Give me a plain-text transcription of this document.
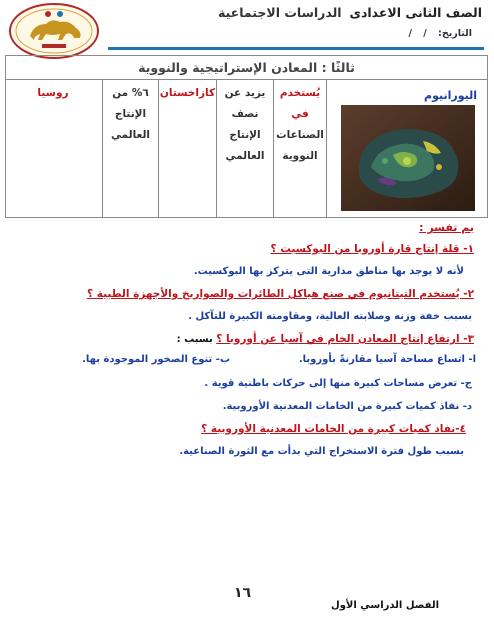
الصف الثانى الاعدادى
الدراسات الاجتماعية
التاريخ: / /
ثالثًا : المعادن الإستراتيجية والنووية
اليورانيوم
يُستخدم في
الصناعات
النووية
يزيد عن
نصف
الإنتاج
العالمي
كازاخستان
٦% من
الإنتاج
العالمي
روسيا
بم تفسر :
١- قلة إنتاج قارة أوروبا من البوكسيت ؟
لأنه لا يوجد بها مناطق مدارية التى يتركز بها البوكسيت.
٢- يُستخدم التيتانيوم في صنع هياكل الطائرات والصواريخ والأجهزة الطبية ؟
بسبب خفة وزنه وصلابته العالية، ومقاومته الكبيرة للتآكل .
٣- ارتفاع إنتاج المعادن الخام في آسيا عن أوروبا ؟ بسبب :
ا- اتساع مساحة آسيا مقارنةً بأوروبا.
ب- تنوع الصخور الموجودة بها.
ج- تعرض مساحات كبيرة منها إلى حركات باطنية قوية .
د- نفاذ كميات كبيرة من الخامات المعدنية الأوروبية.
٤-نفاد كميات كبيرة من الخامات المعدنية الأوروبية ؟
بسبب طول فترة الاستخراج التي بدأت مع الثورة الصناعية.
١٦
الفصل الدراسي الأول
